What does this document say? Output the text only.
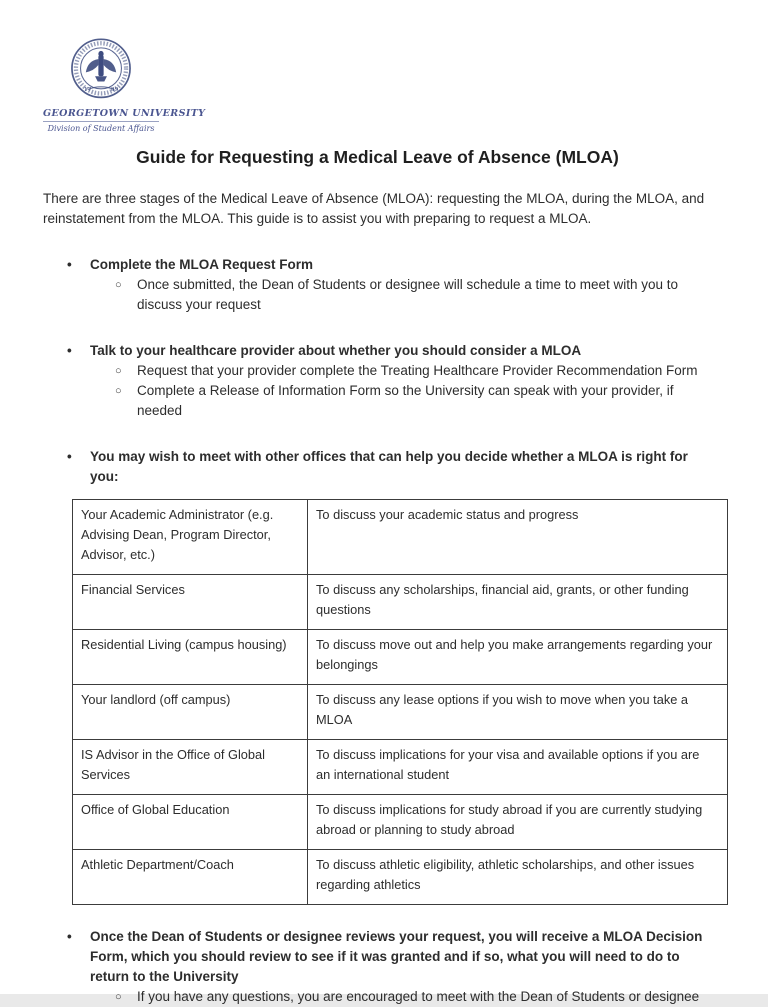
17 89
GEORGETOWN UNIVERSITY
Division of Student Affairs
Guide for Requesting a Medical Leave of Absence (MLOA)

There are three stages of the Medical Leave of Absence (MLOA): requesting the MLOA, during the MLOA, and reinstatement from the MLOA. This guide is to assist you with preparing to request a MLOA.

•	Complete the MLOA Request Form
○	Once submitted, the Dean of Students or designee will schedule a time to meet with you to discuss your request
•	Talk to your healthcare provider about whether you should consider a MLOA
○	Request that your provider complete the Treating Healthcare Provider Recommendation Form
○	Complete a Release of Information Form so the University can speak with your provider, if needed
•	You may wish to meet with other offices that can help you decide whether a MLOA is right for you:
Your Academic Administrator (e.g. Advising Dean, Program Director, Advisor, etc.)	To discuss your academic status and progress
Financial Services	To discuss any scholarships, financial aid, grants, or other funding questions
Residential Living (campus housing)	To discuss move out and help you make arrangements regarding your belongings
Your landlord (off campus)	To discuss any lease options if you wish to move when you take a MLOA
IS Advisor in the Office of Global Services	To discuss implications for your visa and available options if you are an international student
Office of Global Education	To discuss implications for study abroad if you are currently studying abroad or planning to study abroad
Athletic Department/Coach	To discuss athletic eligibility, athletic scholarships, and other issues regarding athletics
•	Once the Dean of Students or designee reviews your request, you will receive a MLOA Decision Form, which you should review to see if it was granted and if so, what you will need to do to return to the University
○	If you have any questions, you are encouraged to meet with the Dean of Students or designee
